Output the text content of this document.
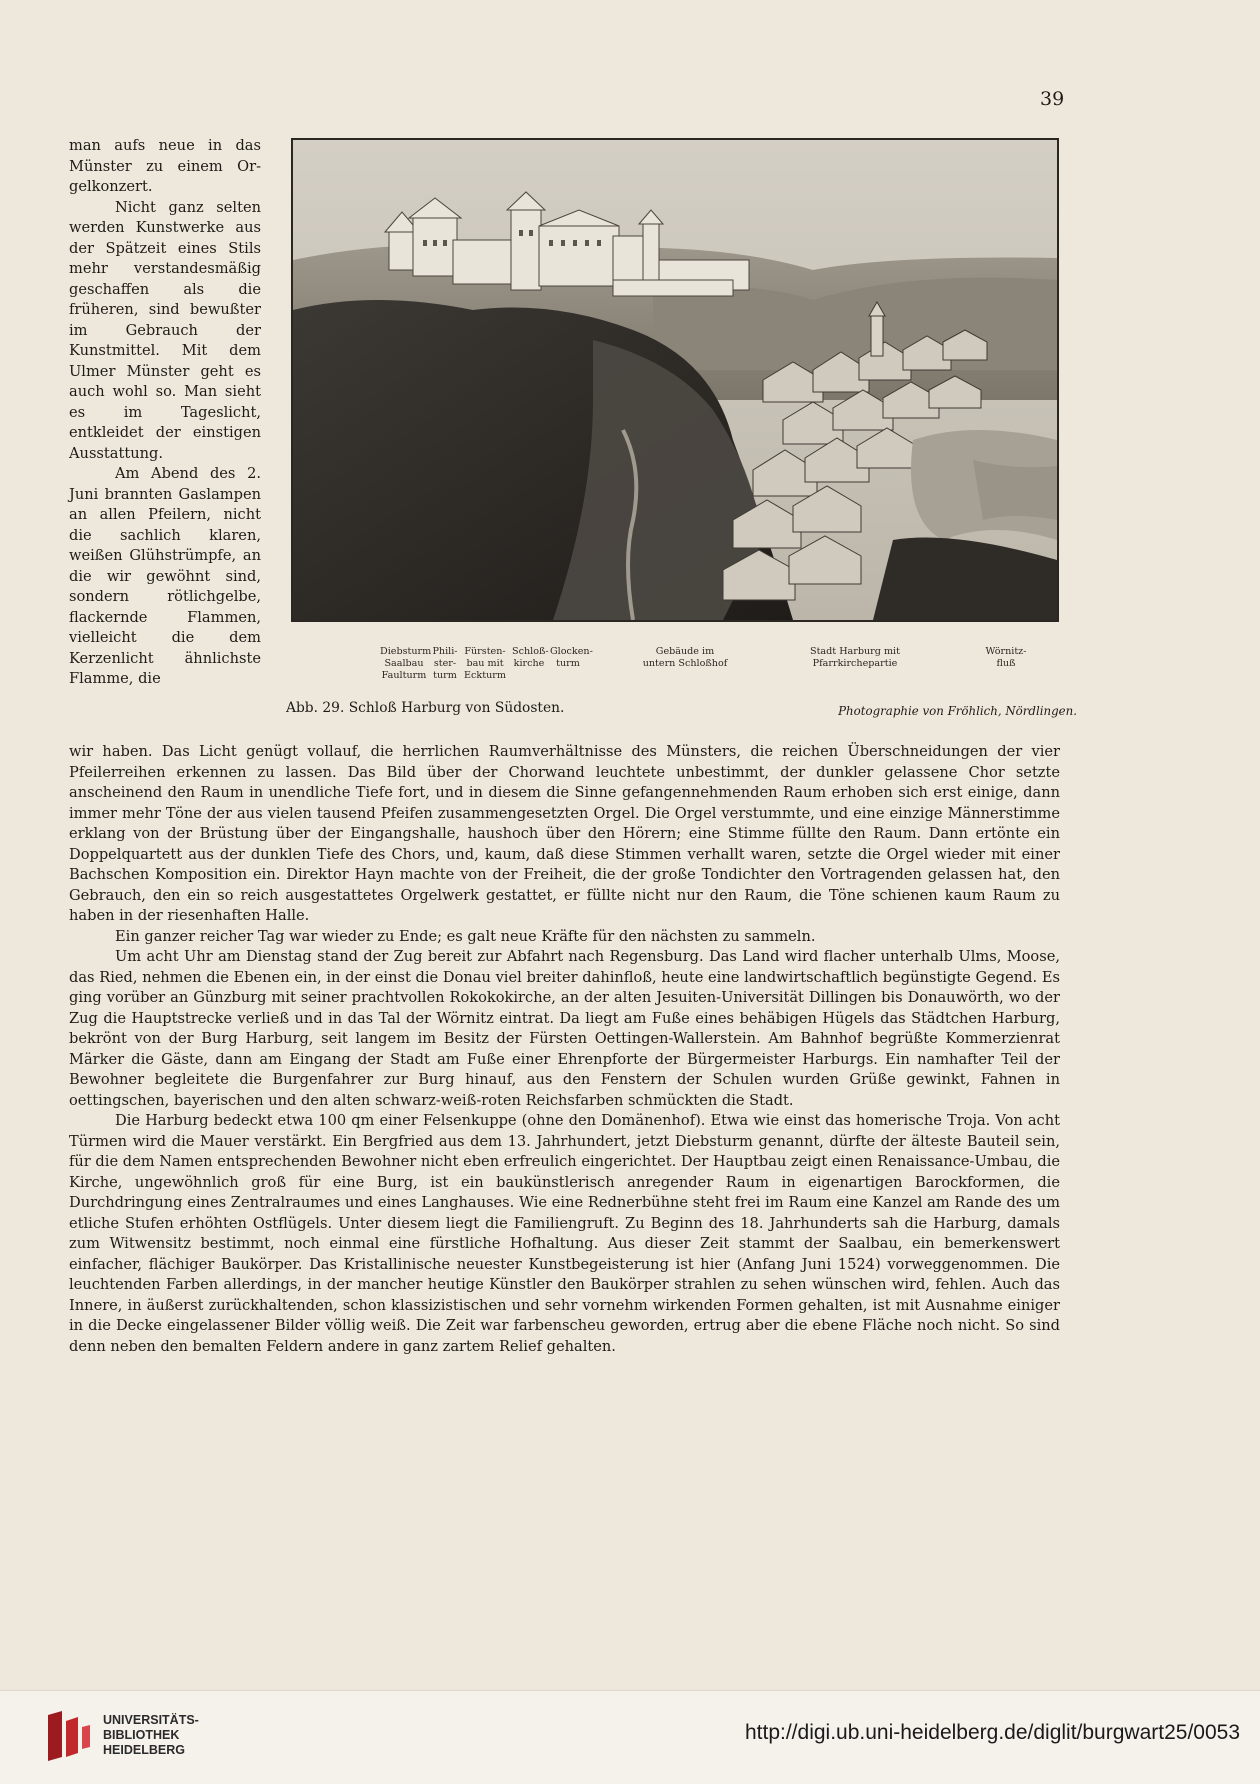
39

man aufs neue in das Münster zu einem Orgelkonzert.

Nicht ganz selten werden Kunstwerke aus der Spätzeit eines Stils mehr verstandesmäßig geschaffen als die früheren, sind bewußter im Gebrauch der Kunstmittel. Mit dem Ulmer Münster geht es auch wohl so. Man sieht es im Tageslicht, entkleidet der einstigen Ausstattung.

Am Abend des 2. Juni brannten Gaslampen an allen Pfeilern, nicht die sachlich klaren, weißen Glühstrümpfe, an die wir gewöhnt sind, sondern rötlichgelbe, flackernde Flammen, vielleicht die dem Kerzenlicht ähnlichste Flamme, die

Diebsturm Saalbau Faulturm
Philisterturm
Fürstenbau mit Eckturm
Schloßkirche
Glockenturm
Gebäude im untern Schloßhof
Stadt Harburg mit Pfarrkirchepartie
Wörnitzfluß
Abb. 29. Schloß Harburg von Südosten.	Photographie von Fröhlich, Nördlingen.

wir haben. Das Licht genügt vollauf, die herrlichen Raumverhältnisse des Münsters, die reichen Überschneidungen der vier Pfeilerreihen erkennen zu lassen. Das Bild über der Chorwand leuchtete unbestimmt, der dunkler gelassene Chor setzte anscheinend den Raum in unendliche Tiefe fort, und in diesem die Sinne gefangennehmenden Raum erhoben sich erst einige, dann immer mehr Töne der aus vielen tausend Pfeifen zusammengesetzten Orgel. Die Orgel verstummte, und eine einzige Männerstimme erklang von der Brüstung über der Eingangshalle, haushoch über den Hörern; eine Stimme füllte den Raum. Dann ertönte ein Doppelquartett aus der dunklen Tiefe des Chors, und, kaum, daß diese Stimmen verhallt waren, setzte die Orgel wieder mit einer Bachschen Komposition ein. Direktor Hayn machte von der Freiheit, die der große Tondichter den Vortragenden gelassen hat, den Gebrauch, den ein so reich ausgestattetes Orgelwerk gestattet, er füllte nicht nur den Raum, die Töne schienen kaum Raum zu haben in der riesenhaften Halle.

Ein ganzer reicher Tag war wieder zu Ende; es galt neue Kräfte für den nächsten zu sammeln.

Um acht Uhr am Dienstag stand der Zug bereit zur Abfahrt nach Regensburg. Das Land wird flacher unterhalb Ulms, Moose, das Ried, nehmen die Ebenen ein, in der einst die Donau viel breiter dahinfloß, heute eine landwirtschaftlich begünstigte Gegend. Es ging vorüber an Günzburg mit seiner prachtvollen Rokokokirche, an der alten Jesuiten-Universität Dillingen bis Donauwörth, wo der Zug die Hauptstrecke verließ und in das Tal der Wörnitz eintrat. Da liegt am Fuße eines behäbigen Hügels das Städtchen Harburg, bekrönt von der Burg Harburg, seit langem im Besitz der Fürsten Oettingen-Wallerstein. Am Bahnhof begrüßte Kommerzienrat Märker die Gäste, dann am Eingang der Stadt am Fuße einer Ehrenpforte der Bürgermeister Harburgs. Ein namhafter Teil der Bewohner begleitete die Burgenfahrer zur Burg hinauf, aus den Fenstern der Schulen wurden Grüße gewinkt, Fahnen in oettingschen, bayerischen und den alten schwarz-weiß-roten Reichsfarben schmückten die Stadt.

Die Harburg bedeckt etwa 100 qm einer Felsenkuppe (ohne den Domänenhof). Etwa wie einst das homerische Troja. Von acht Türmen wird die Mauer verstärkt. Ein Bergfried aus dem 13. Jahrhundert, jetzt Diebsturm genannt, dürfte der älteste Bauteil sein, für die dem Namen entsprechenden Bewohner nicht eben erfreulich eingerichtet. Der Hauptbau zeigt einen Renaissance-Umbau, die Kirche, ungewöhnlich groß für eine Burg, ist ein baukünstlerisch anregender Raum in eigenartigen Barockformen, die Durchdringung eines Zentralraumes und eines Langhauses. Wie eine Rednerbühne steht frei im Raum eine Kanzel am Rande des um etliche Stufen erhöhten Ostflügels. Unter diesem liegt die Familiengruft. Zu Beginn des 18. Jahrhunderts sah die Harburg, damals zum Witwensitz bestimmt, noch einmal eine fürstliche Hofhaltung. Aus dieser Zeit stammt der Saalbau, ein bemerkenswert einfacher, flächiger Baukörper. Das Kristallinische neuester Kunstbegeisterung ist hier (Anfang Juni 1524) vorweggenommen. Die leuchtenden Farben allerdings, in der mancher heutige Künstler den Baukörper strahlen zu sehen wünschen wird, fehlen. Auch das Innere, in äußerst zurückhaltenden, schon klassizistischen und sehr vornehm wirkenden Formen gehalten, ist mit Ausnahme einiger in die Decke eingelassener Bilder völlig weiß. Die Zeit war farbenscheu geworden, ertrug aber die ebene Fläche noch nicht. So sind denn neben den bemalten Feldern andere in ganz zartem Relief gehalten.

UNIVERSITÄTS-
BIBLIOTHEK
HEIDELBERG
http://digi.ub.uni-heidelberg.de/diglit/burgwart25/0053
